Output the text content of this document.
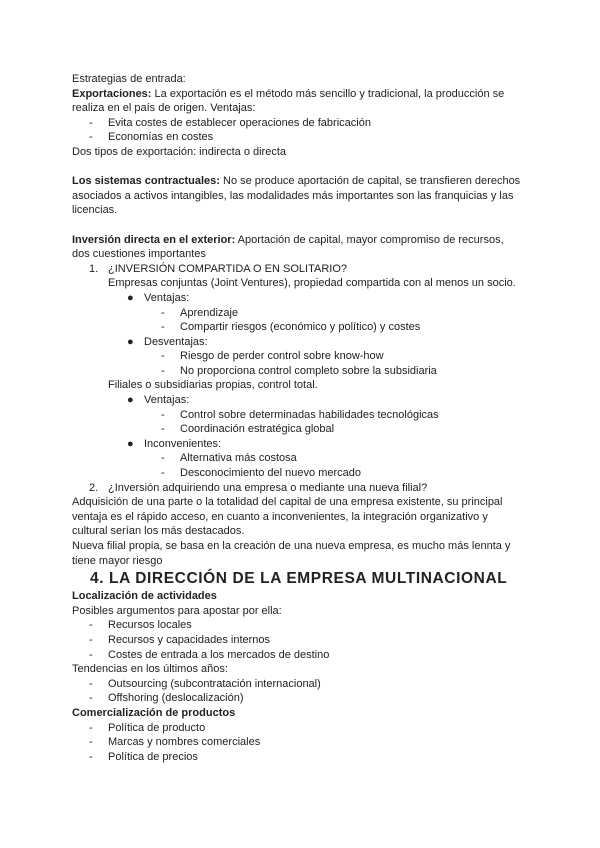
Estrategias de entrada:
Exportaciones: La exportación es el método más sencillo y tradicional, la producción se
realiza en el país de origen. Ventajas:
- Evita costes de establecer operaciones de fabricación
- Economías en costes
Dos tipos de exportación: indirecta o directa
Los sistemas contractuales: No se produce aportación de capital, se transfieren derechos
asociados a activos intangibles, las modalidades más importantes son las franquicias y las
licencias.
Inversión directa en el exterior: Aportación de capital, mayor compromiso de recursos,
dos cuestiones importantes
1. ¿INVERSIÓN COMPARTIDA O EN SOLITARIO?
Empresas conjuntas (Joint Ventures), propiedad compartida con al menos un socio.
● Ventajas:
- Aprendizaje
- Compartir riesgos (económico y político) y costes
● Desventajas:
- Riesgo de perder control sobre know-how
- No proporciona control completo sobre la subsidiaria
Filiales o subsidiarias propias, control total.
● Ventajas:
- Control sobre determinadas habilidades tecnológicas
- Coordinación estratégica global
● Inconvenientes:
- Alternativa más costosa
- Desconocimiento del nuevo mercado
2. ¿Inversión adquiriendo una empresa o mediante una nueva filial?
Adquisición de una parte o la totalidad del capital de una empresa existente, su principal
ventaja es el rápido acceso, en cuanto a inconvenientes, la integración organizativo y
cultural serían los más destacados.
Nueva filial propia, se basa en la creación de una nueva empresa, es mucho más lennta y
tiene mayor riesgo
4. LA DIRECCIÓN DE LA EMPRESA MULTINACIONAL
Localización de actividades
Posibles argumentos para apostar por ella:
- Recursos locales
- Recursos y capacidades internos
- Costes de entrada a los mercados de destino
Tendencias en los últimos años:
- Outsourcing (subcontratación internacional)
- Offshoring (deslocalización)
Comercialización de productos
- Política de producto
- Marcas y nombres comerciales
- Política de precios
